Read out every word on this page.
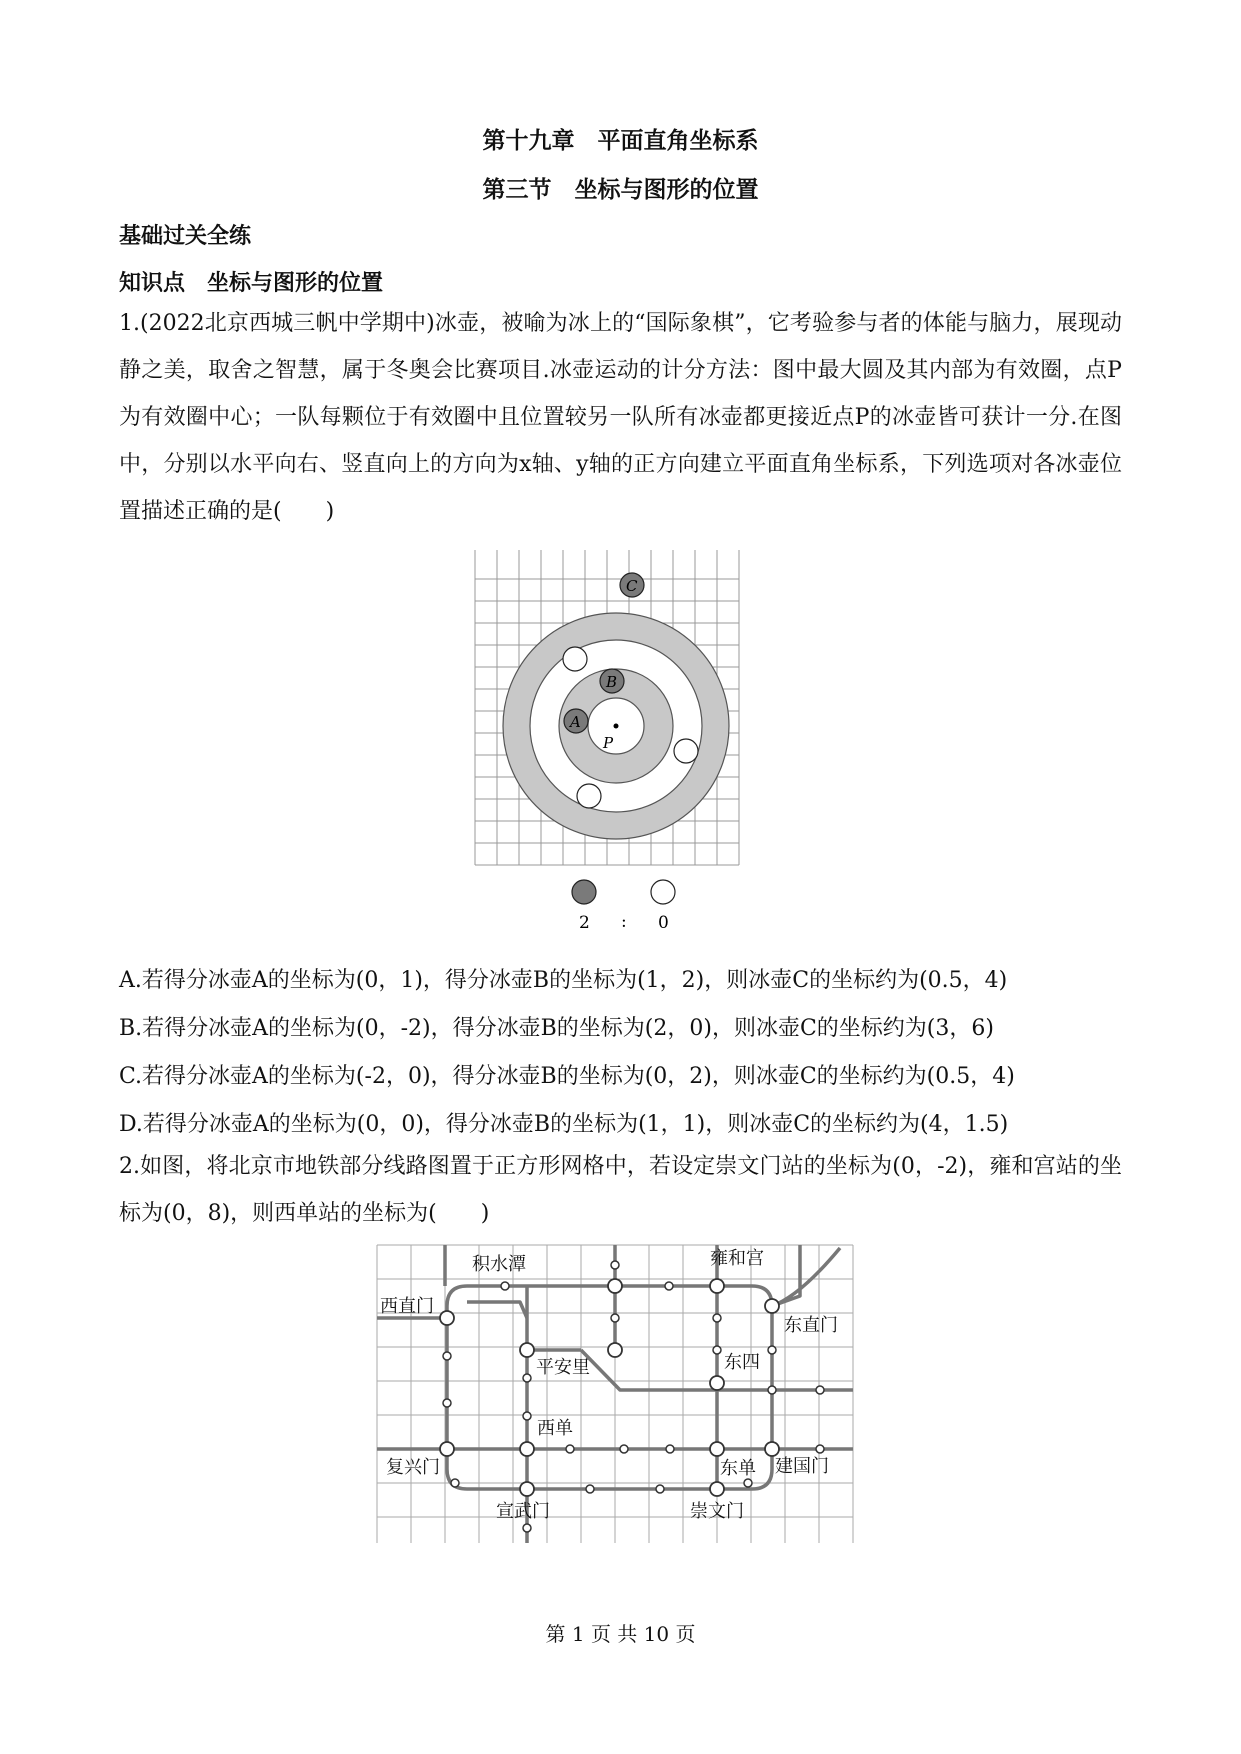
第十九章　平面直角坐标系
第三节　坐标与图形的位置
基础过关全练
知识点　坐标与图形的位置
1.(2022北京西城三帆中学期中)冰壶，被喻为冰上的“国际象棋”，它考验参与者的体能与脑力，展现动静之美，取舍之智慧，属于冬奥会比赛项目.冰壶运动的计分方法：图中最大圆及其内部为有效圈，点P为有效圈中心；一队每颗位于有效圈中且位置较另一队所有冰壶都更接近点P的冰壶皆可获计一分.在图中，分别以水平向右、竖直向上的方向为x轴、y轴的正方向建立平面直角坐标系，下列选项对各冰壶位置描述正确的是(　　)
P
C
B
A
2 : 0
A.若得分冰壶A的坐标为(0，1)，得分冰壶B的坐标为(1，2)，则冰壶C的坐标约为(0.5，4)
B.若得分冰壶A的坐标为(0，-2)，得分冰壶B的坐标为(2，0)，则冰壶C的坐标约为(3，6)
C.若得分冰壶A的坐标为(-2，0)，得分冰壶B的坐标为(0，2)，则冰壶C的坐标约为(0.5，4)
D.若得分冰壶A的坐标为(0，0)，得分冰壶B的坐标为(1，1)，则冰壶C的坐标约为(4，1.5)
2.如图，将北京市地铁部分线路图置于正方形网格中，若设定崇文门站的坐标为(0，-2)，雍和宫站的坐标为(0，8)，则西单站的坐标为(　　)
积水潭	雍和宫
西直门
东直门
平安里	东四
西单
复兴门	东单 建国门
宣武门	崇文门
第 1 页 共 10 页
